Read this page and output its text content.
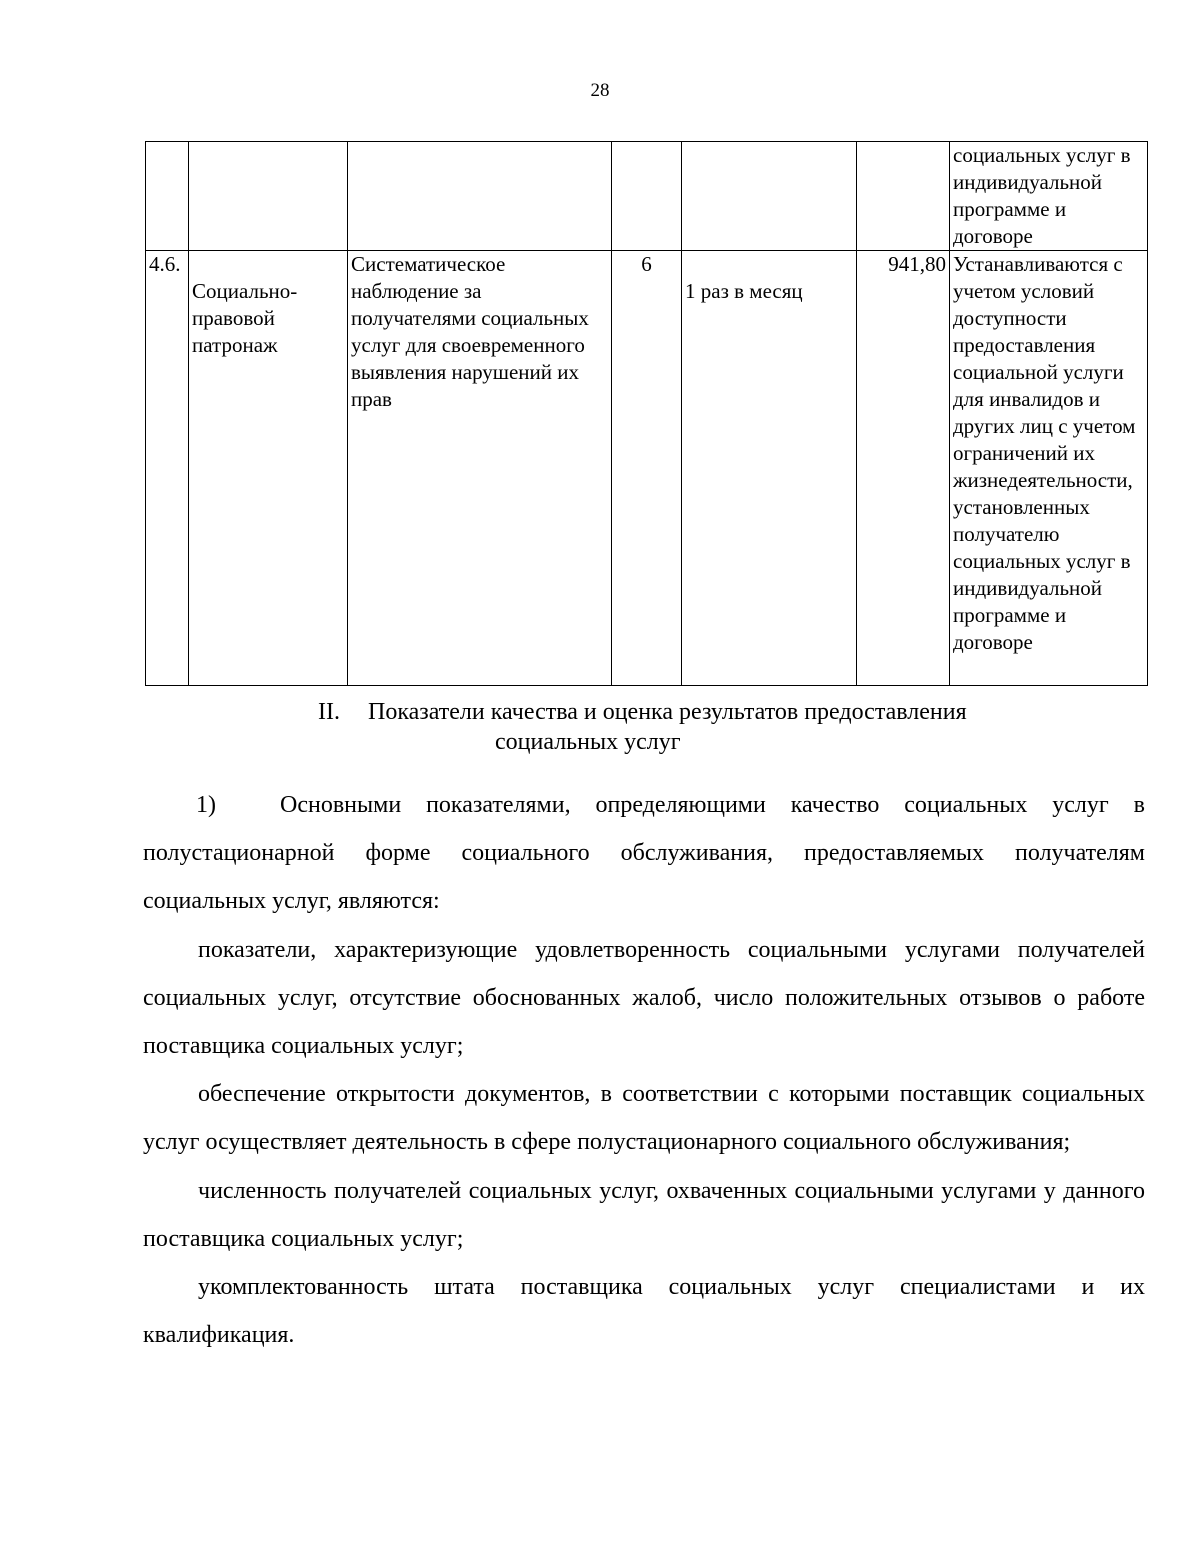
28
						социальных услуг в индивидуальной программе и договоре
4.6.	Социально-правовой патронаж	Систематическое наблюдение за получателями социальных услуг для своевременного выявления нарушений их прав	6	1 раз в месяц	941,80	Устанавливаются с учетом условий доступности предоставления социальной услуги для инвалидов и других лиц с учетом ограничений их жизнедеятельности, установленных получателю социальных услуг в индивидуальной программе и договоре
II. Показатели качества и оценка результатов предоставления
социальных услуг

1)	Основными показателями, определяющими качество социальных услуг в полустационарной форме социального обслуживания, предоставляемых получателям социальных услуг, являются:

показатели, характеризующие удовлетворенность социальными услугами получателей социальных услуг, отсутствие обоснованных жалоб, число положительных отзывов о работе поставщика социальных услуг;

обеспечение открытости документов, в соответствии с которыми поставщик социальных услуг осуществляет деятельность в сфере полустационарного социального обслуживания;

численность получателей социальных услуг, охваченных социальными услугами у данного поставщика социальных услуг;

укомплектованность штата поставщика социальных услуг специалистами и их квалификация.
